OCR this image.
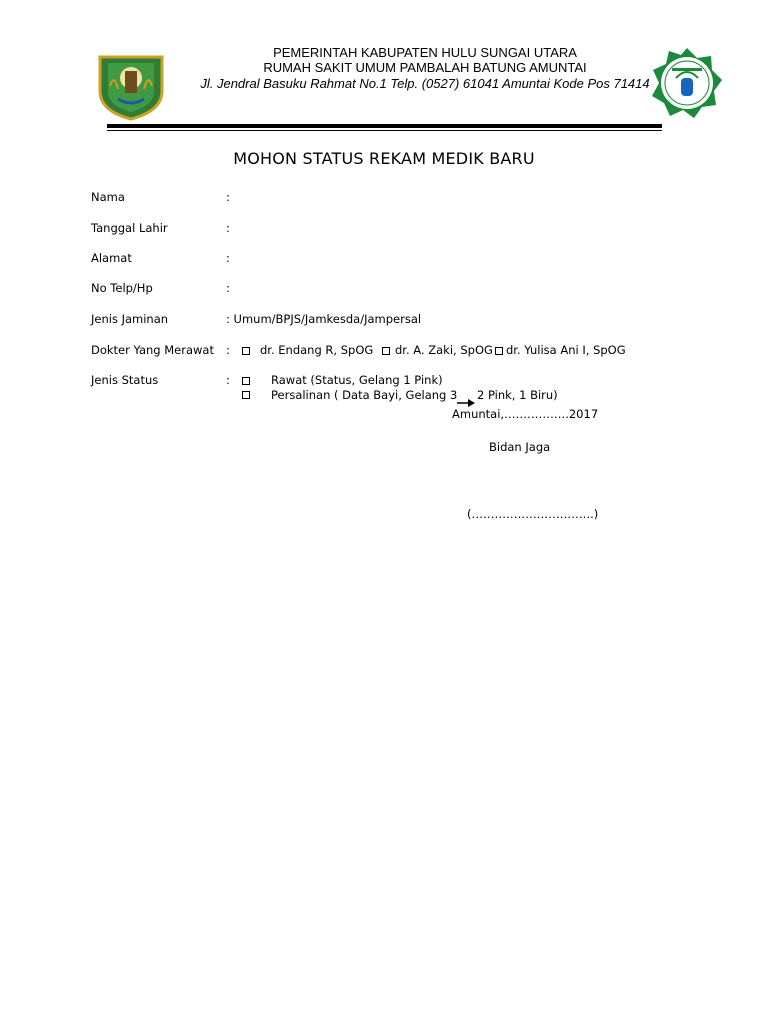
PEMERINTAH KABUPATEN HULU SUNGAI UTARA
RUMAH SAKIT UMUM PAMBALAH BATUNG AMUNTAI
Jl. Jendral Basuku Rahmat No.1 Telp. (0527) 61041 Amuntai Kode Pos 71414
MOHON STATUS REKAM MEDIK BARU
Nama	:
Tanggal Lahir	:
Alamat	:
No Telp/Hp	:
Jenis Jaminan	: Umum/BPJS/Jamkesda/Jampersal
Dokter Yang Merawat :	dr. Endang R, SpOG dr. A. Zaki, SpOG dr. Yulisa Ani I, SpOG
Jenis Status	:	Rawat (Status, Gelang 1 Pink)
Persalinan ( Data Bayi, Gelang 3 2 Pink, 1 Biru)
Amuntai,……………..2017
Bidan Jaga
(…………………………..)
